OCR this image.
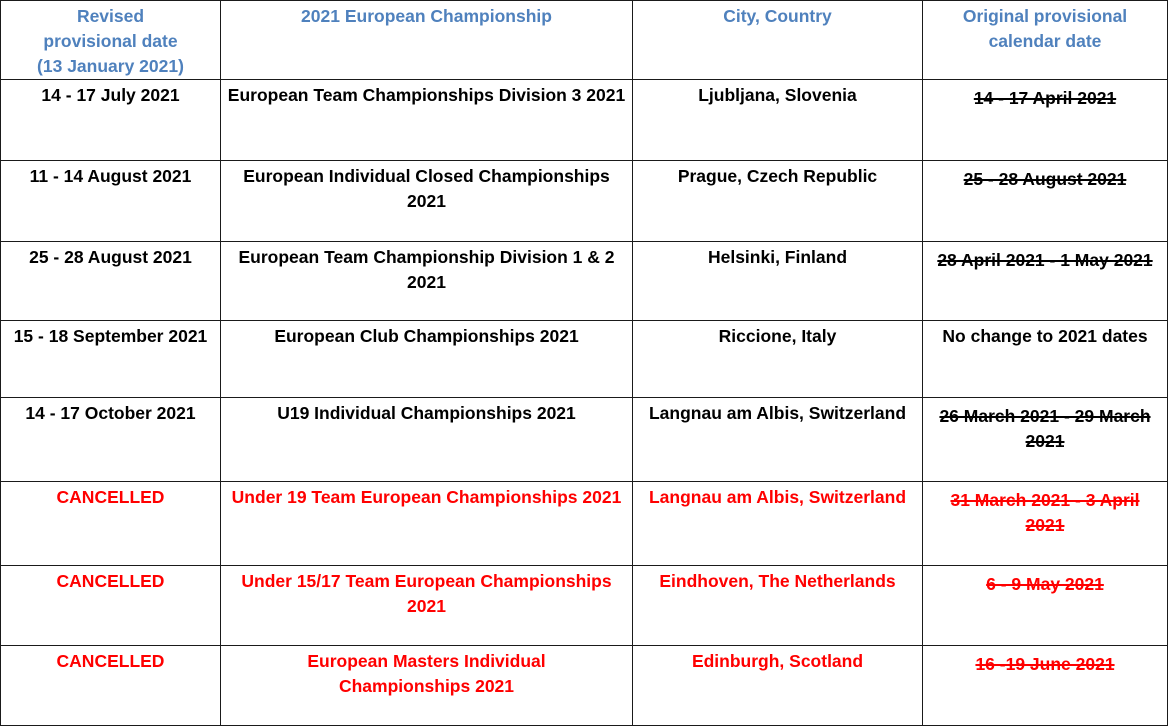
Revised provisional date
(13 January 2021)	2021 European Championship	City, Country	Original provisional calendar date

14 - 17 July 2021	European Team Championships Division 3 2021	Ljubljana, Slovenia	14 - 17 April 2021
11 - 14 August 2021	European Individual Closed Championships 2021	Prague, Czech Republic	25 - 28 August 2021
25 - 28 August 2021	European Team Championship Division 1 & 2 2021	Helsinki, Finland	28 April 2021 - 1 May 2021
15 - 18 September 2021	European Club Championships 2021	Riccione, Italy	No change to 2021 dates
14 - 17 October 2021	U19 Individual Championships 2021	Langnau am Albis, Switzerland	26 March 2021 - 29 March 2021
CANCELLED	Under 19 Team European Championships 2021	Langnau am Albis, Switzerland	31 March 2021 - 3 April 2021
CANCELLED	Under 15/17 Team European Championships 2021	Eindhoven, The Netherlands	6 - 9 May 2021
CANCELLED	European Masters Individual Championships 2021	Edinburgh, Scotland	16 -19 June 2021
